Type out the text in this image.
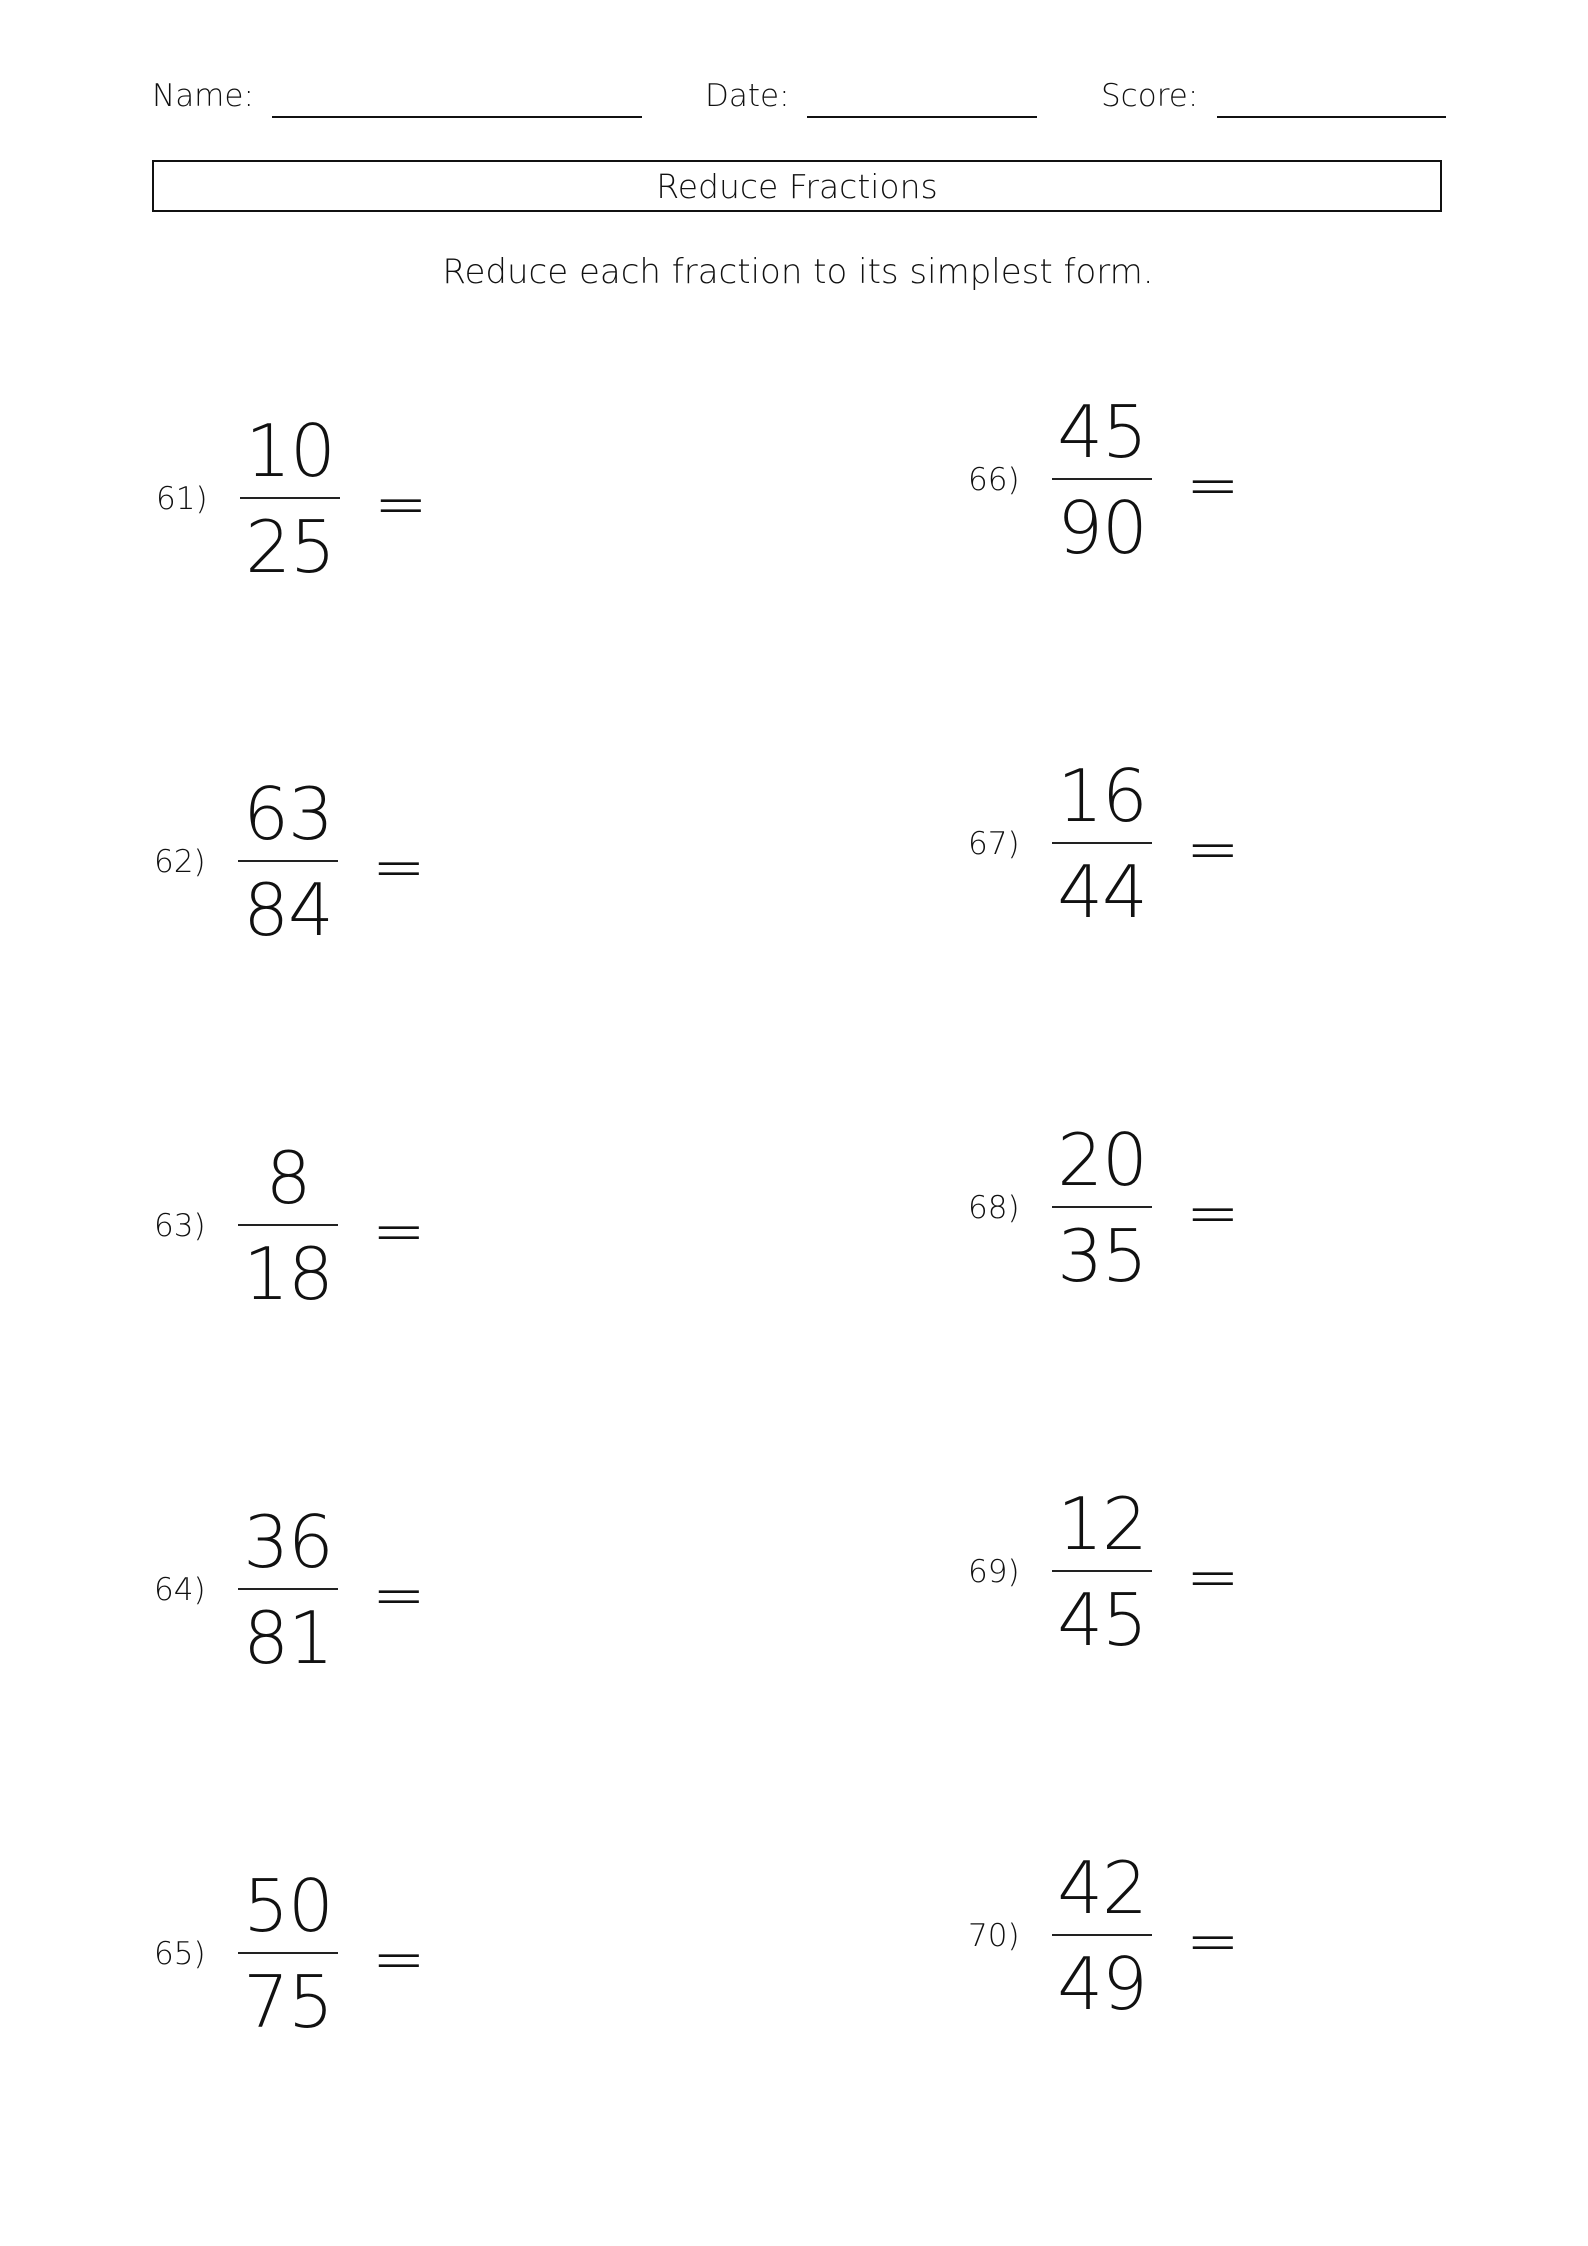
Name:	Date:	Score:
Reduce Fractions
Reduce each fraction to its simplest form.
61)
10
25 =
62)
63
84 =
63)
8
18 =
64)
36
81 =
65)
50
75 =
66)
45
90 =
67)
16
44 =
68)
20
35 =
69)
12
45 =
70)
42
49 =
